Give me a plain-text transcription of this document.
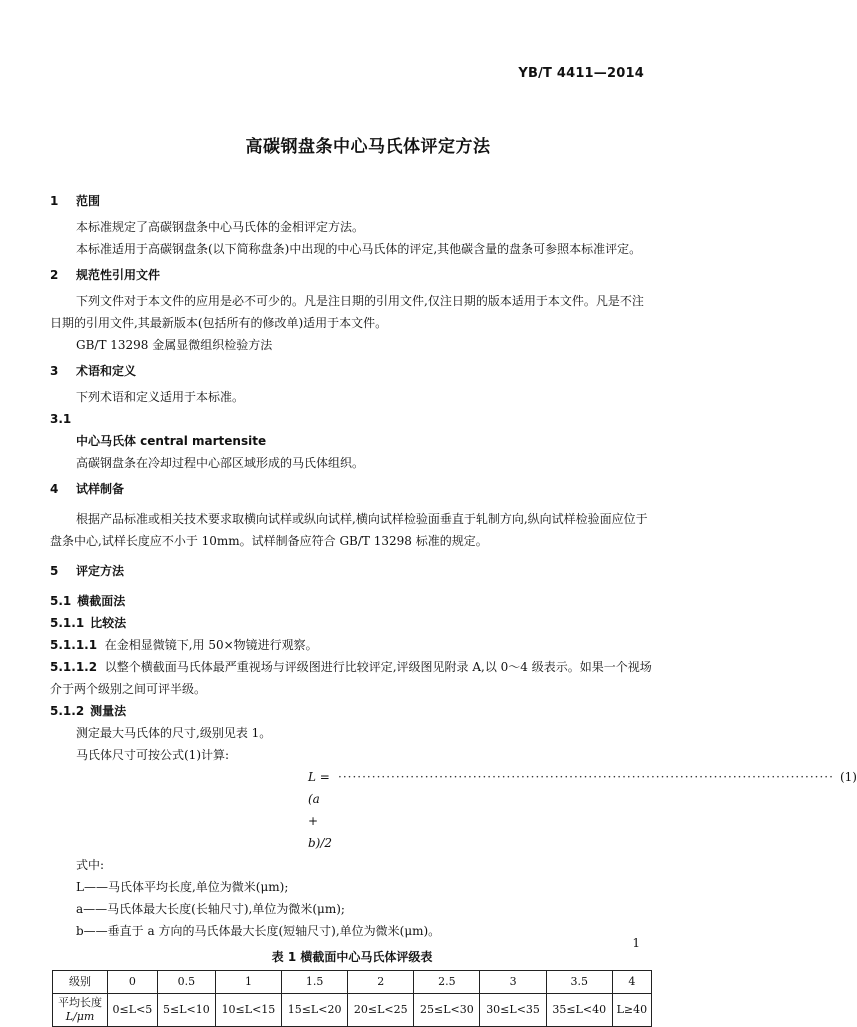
YB/T 4411—2014
高碳钢盘条中心马氏体评定方法
1 范围

本标准规定了高碳钢盘条中心马氏体的金相评定方法。

本标准适用于高碳钢盘条(以下简称盘条)中出现的中心马氏体的评定,其他碳含量的盘条可参照本标准评定。

2 规范性引用文件

下列文件对于本文件的应用是必不可少的。凡是注日期的引用文件,仅注日期的版本适用于本文件。凡是不注日期的引用文件,其最新版本(包括所有的修改单)适用于本文件。

GB/T 13298 金属显微组织检验方法

3 术语和定义

下列术语和定义适用于本标准。

3.1

中心马氏体 central martensite

高碳钢盘条在冷却过程中心部区域形成的马氏体组织。

4 试样制备

根据产品标准或相关技术要求取横向试样或纵向试样,横向试样检验面垂直于轧制方向,纵向试样检验面应位于盘条中心,试样长度应不小于 10mm。试样制备应符合 GB/T 13298 标准的规定。

5 评定方法
5.1 横截面法
5.1.1 比较法

5.1.1.1 在金相显微镜下,用 50×物镜进行观察。

5.1.1.2 以整个横截面马氏体最严重视场与评级图进行比较评定,评级图见附录 A,以 0～4 级表示。如果一个视场介于两个级别之间可评半级。

5.1.2 测量法

测定最大马氏体的尺寸,级别见表 1。

马氏体尺寸可按公式(1)计算:

L = (a + b)/2
······································································································· (1)

式中:

L——马氏体平均长度,单位为微米(μm);

a——马氏体最大长度(长轴尺寸),单位为微米(μm);

b——垂直于 a 方向的马氏体最大长度(短轴尺寸),单位为微米(μm)。

表 1 横截面中心马氏体评级表
级别	0	0.5	1	1.5	2	2.5	3	3.5	4
平均长度
L/μm	0≤L<5	5≤L<10	10≤L<15	15≤L<20	20≤L<25	25≤L<30	30≤L<35	35≤L<40	L≥40
1
